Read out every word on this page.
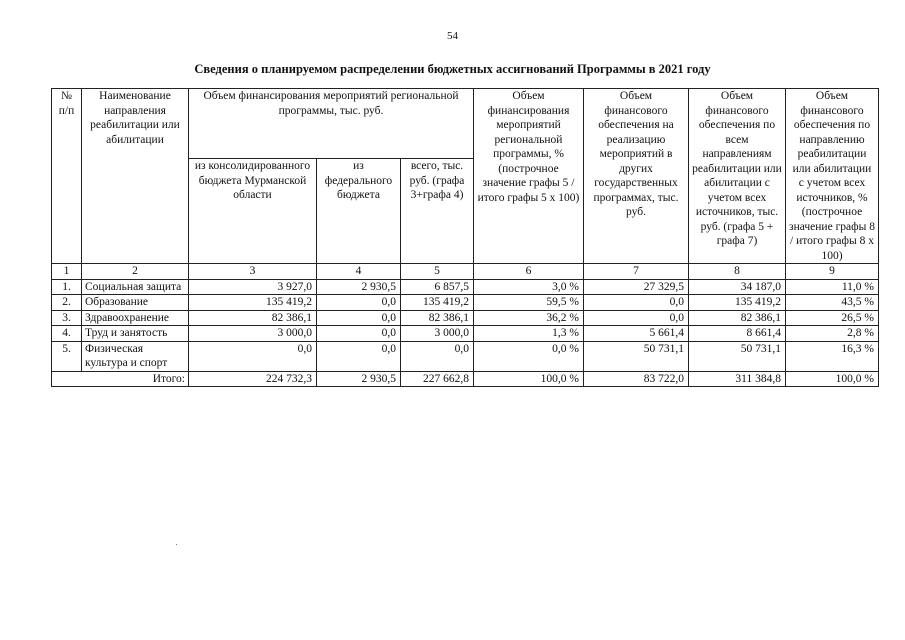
54
Сведения о планируемом распределении бюджетных ассигнований Программы в 2021 году
№ п/п	Наименование направления реабилитации или абилитации	Объем финансирования мероприятий региональной программы, тыс. руб.			Объем финансирования мероприятий региональной программы, % (построчное значение графы 5 / итого графы 5 х 100)	Объем финансового обеспечения на реализацию мероприятий в других государственных программах, тыс. руб.	Объем финансового обеспечения по всем направлениям реабилитации или абилитации с учетом всех источников, тыс. руб. (графа 5 + графа 7)	Объем финансового обеспечения по направлению реабилитации или абилитации с учетом всех источников, % (построчное значение графы 8 / итого графы 8 х 100)
		из консолидированного бюджета Мурманской области	из федерального бюджета	всего, тыс. руб. (графа 3+графа 4)				
1	2	3	4	5	6	7	8	9
1.	Социальная защита	3 927,0	2 930,5	6 857,5	3,0 %	27 329,5	34 187,0	11,0 %
2.	Образование	135 419,2	0,0	135 419,2	59,5 %	0,0	135 419,2	43,5 %
3.	Здравоохранение	82 386,1	0,0	82 386,1	36,2 %	0,0	82 386,1	26,5 %
4.	Труд и занятость	3 000,0	0,0	3 000,0	1,3 %	5 661,4	8 661,4	2,8 %
5.	Физическая культура и спорт	0,0	0,0	0,0	0,0 %	50 731,1	50 731,1	16,3 %
Итого:		224 732,3	2 930,5	227 662,8	100,0 %	83 722,0	311 384,8	100,0 %
